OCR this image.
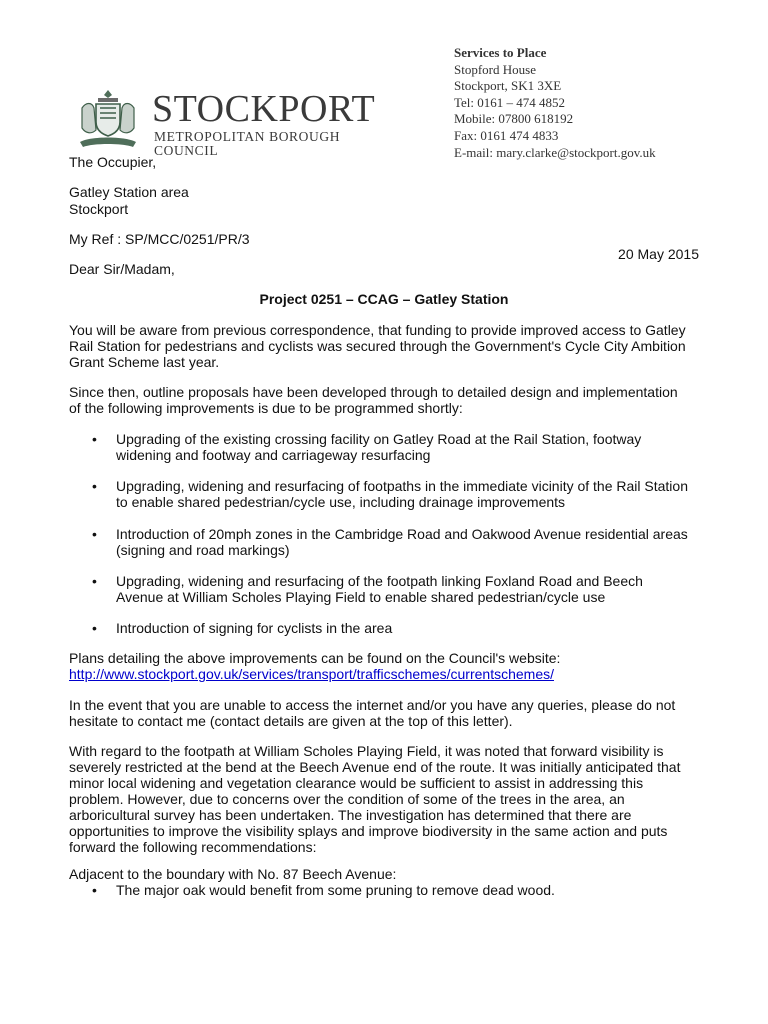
STOCKPORT
METROPOLITAN BOROUGH COUNCIL
Services to Place
Stopford House
Stockport, SK1 3XE
Tel: 0161 – 474 4852
Mobile: 07800 618192
Fax: 0161 474 4833
E-mail: mary.clarke@stockport.gov.uk
The Occupier,
Gatley Station area
Stockport
My Ref : SP/MCC/0251/PR/3
20 May 2015
Dear Sir/Madam,
Project 0251 – CCAG – Gatley Station
You will be aware from previous correspondence, that funding to provide improved access to Gatley
Rail Station for pedestrians and cyclists was secured through the Government's Cycle City Ambition
Grant Scheme last year.
Since then, outline proposals have been developed through to detailed design and implementation
of the following improvements is due to be programmed shortly:
• Upgrading of the existing crossing facility on Gatley Road at the Rail Station, footway
widening and footway and carriageway resurfacing
• Upgrading, widening and resurfacing of footpaths in the immediate vicinity of the Rail Station
to enable shared pedestrian/cycle use, including drainage improvements
• Introduction of 20mph zones in the Cambridge Road and Oakwood Avenue residential areas
(signing and road markings)
• Upgrading, widening and resurfacing of the footpath linking Foxland Road and Beech
Avenue at William Scholes Playing Field to enable shared pedestrian/cycle use
• Introduction of signing for cyclists in the area
Plans detailing the above improvements can be found on the Council's website:
http://www.stockport.gov.uk/services/transport/trafficschemes/currentschemes/
In the event that you are unable to access the internet and/or you have any queries, please do not
hesitate to contact me (contact details are given at the top of this letter).
With regard to the footpath at William Scholes Playing Field, it was noted that forward visibility is
severely restricted at the bend at the Beech Avenue end of the route. It was initially anticipated that
minor local widening and vegetation clearance would be sufficient to assist in addressing this
problem. However, due to concerns over the condition of some of the trees in the area, an
arboricultural survey has been undertaken. The investigation has determined that there are
opportunities to improve the visibility splays and improve biodiversity in the same action and puts
forward the following recommendations:
Adjacent to the boundary with No. 87 Beech Avenue:
• The major oak would benefit from some pruning to remove dead wood.
